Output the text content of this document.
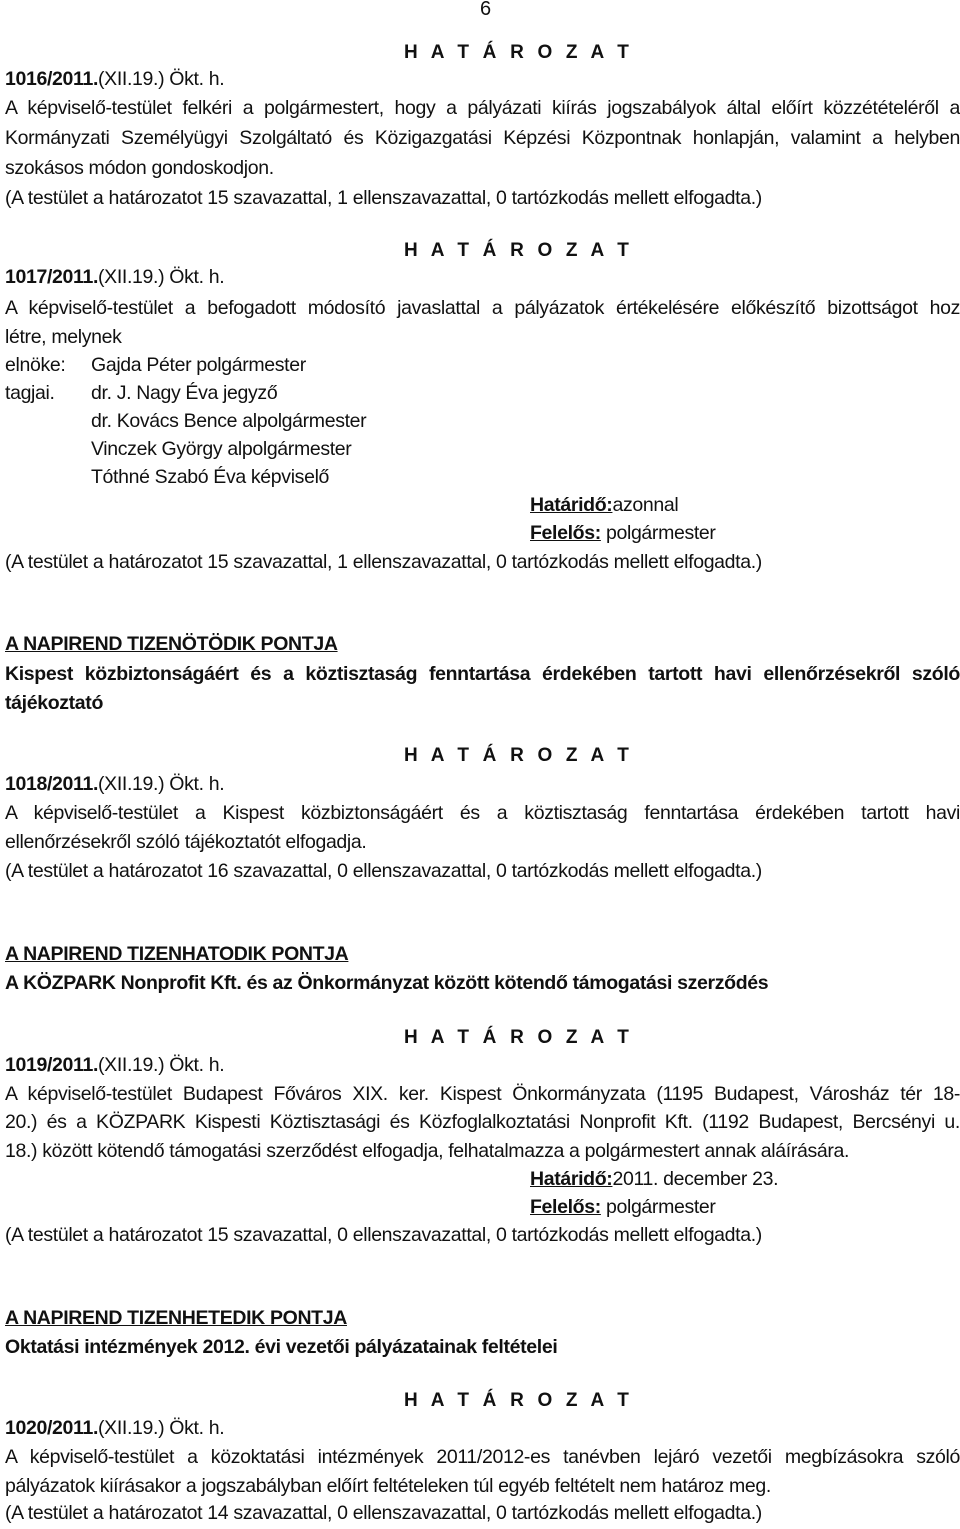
6
H A T Á R O Z A T
1016/2011.(XII.19.) Ökt. h.
A képviselő-testület felkéri a polgármestert, hogy a pályázati kiírás jogszabályok által előírt közzétételéről a
Kormányzati Személyügyi Szolgáltató és Közigazgatási Képzési Központnak honlapján, valamint a helyben
szokásos módon gondoskodjon.
(A testület a határozatot 15 szavazattal, 1 ellenszavazattal, 0 tartózkodás mellett elfogadta.)
H A T Á R O Z A T
1017/2011.(XII.19.) Ökt. h.
A képviselő-testület a befogadott módosító javaslattal a pályázatok értékelésére előkészítő bizottságot hoz
létre, melynek
elnöke: Gajda Péter polgármester
tagjai. dr. J. Nagy Éva jegyző
dr. Kovács Bence alpolgármester
Vinczek György alpolgármester
Tóthné Szabó Éva képviselő
Határidő:azonnal
Felelős: polgármester
(A testület a határozatot 15 szavazattal, 1 ellenszavazattal, 0 tartózkodás mellett elfogadta.)
A NAPIREND TIZENÖTÖDIK PONTJA
Kispest közbiztonságáért és a köztisztaság fenntartása érdekében tartott havi ellenőrzésekről szóló
tájékoztató
H A T Á R O Z A T
1018/2011.(XII.19.) Ökt. h.
A képviselő-testület a Kispest közbiztonságáért és a köztisztaság fenntartása érdekében tartott havi
ellenőrzésekről szóló tájékoztatót elfogadja.
(A testület a határozatot 16 szavazattal, 0 ellenszavazattal, 0 tartózkodás mellett elfogadta.)
A NAPIREND TIZENHATODIK PONTJA
A KÖZPARK Nonprofit Kft. és az Önkormányzat között kötendő támogatási szerződés
H A T Á R O Z A T
1019/2011.(XII.19.) Ökt. h.
A képviselő-testület Budapest Főváros XIX. ker. Kispest Önkormányzata (1195 Budapest, Városház tér 18-
20.) és a KÖZPARK Kispesti Köztisztasági és Közfoglalkoztatási Nonprofit Kft. (1192 Budapest, Bercsényi u.
18.) között kötendő támogatási szerződést elfogadja, felhatalmazza a polgármestert annak aláírására.
Határidő:2011. december 23.
Felelős: polgármester
(A testület a határozatot 15 szavazattal, 0 ellenszavazattal, 0 tartózkodás mellett elfogadta.)
A NAPIREND TIZENHETEDIK PONTJA
Oktatási intézmények 2012. évi vezetői pályázatainak feltételei
H A T Á R O Z A T
1020/2011.(XII.19.) Ökt. h.
A képviselő-testület a közoktatási intézmények 2011/2012-es tanévben lejáró vezetői megbízásokra szóló
pályázatok kiírásakor a jogszabályban előírt feltételeken túl egyéb feltételt nem határoz meg.
(A testület a határozatot 14 szavazattal, 0 ellenszavazattal, 0 tartózkodás mellett elfogadta.)
